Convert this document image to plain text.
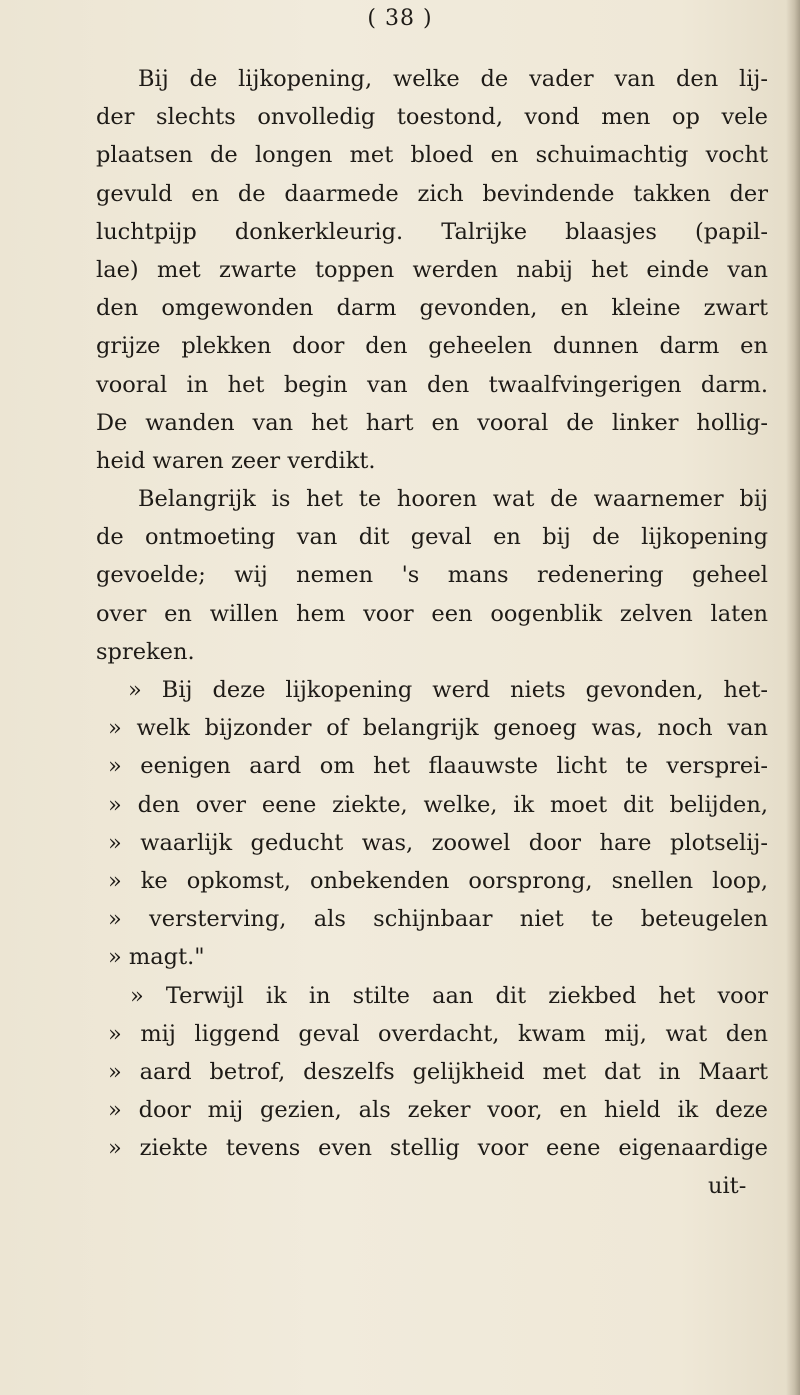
( 38 )
Bij de lijkopening, welke de vader van den lij-
der slechts onvolledig toestond, vond men op vele
plaatsen de longen met bloed en schuimachtig vocht
gevuld en de daarmede zich bevindende takken der
luchtpijp donkerkleurig. Talrijke blaasjes (papil-
lae) met zwarte toppen werden nabij het einde van
den omgewonden darm gevonden, en kleine zwart
grijze plekken door den geheelen dunnen darm en
vooral in het begin van den twaalfvingerigen darm.
De wanden van het hart en vooral de linker hollig-
heid waren zeer verdikt.
Belangrijk is het te hooren wat de waarnemer bij
de ontmoeting van dit geval en bij de lijkopening
gevoelde; wij nemen 's mans redenering geheel
over en willen hem voor een oogenblik zelven laten
spreken.
» Bij deze lijkopening werd niets gevonden, het-
» welk bijzonder of belangrijk genoeg was, noch van
» eenigen aard om het flaauwste licht te versprei-
» den over eene ziekte, welke, ik moet dit belijden,
» waarlijk geducht was, zoowel door hare plotselij-
» ke opkomst, onbekenden oorsprong, snellen loop,
» versterving, als schijnbaar niet te beteugelen
» magt."
» Terwijl ik in stilte aan dit ziekbed het voor
» mij liggend geval overdacht, kwam mij, wat den
» aard betrof, deszelfs gelijkheid met dat in Maart
» door mij gezien, als zeker voor, en hield ik deze
» ziekte tevens even stellig voor eene eigenaardige
uit-
